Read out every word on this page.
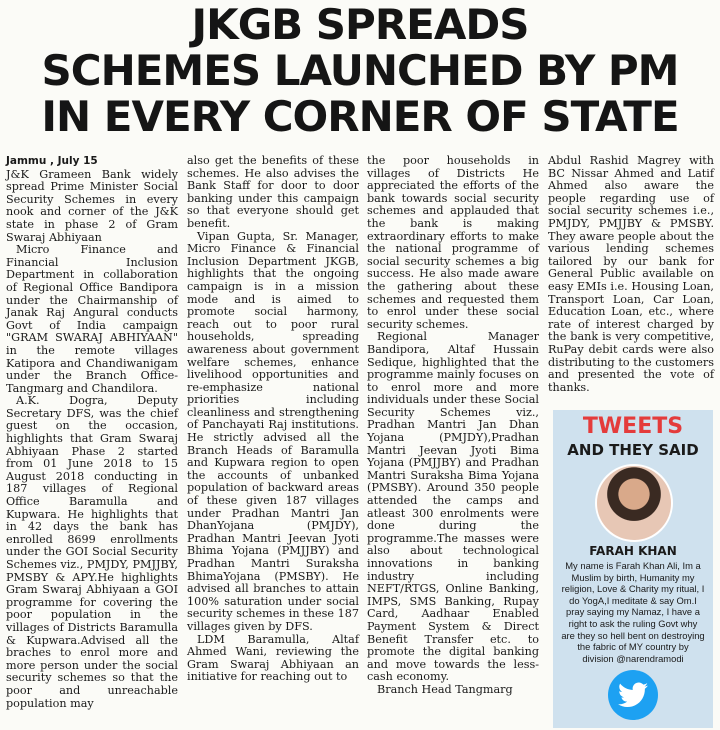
JKGB SPREADS
SCHEMES LAUNCHED BY PM
IN EVERY CORNER OF STATE
Jammu , July 15

J&K Grameen Bank widely spread Prime Minister Social Security Schemes in every nook and corner of the J&K state in phase 2 of Gram Swaraj Abhiyaan

Micro Finance and Financial Inclusion Department in collaboration of Regional Office Bandipora under the Chairmanship of Janak Raj Angural conducts Govt of India campaign "GRAM SWARAJ ABHIYAAN" in the remote villages Katipora and Chandiwanigam under the Branch Office- Tangmarg and Chandilora.

A.K. Dogra, Deputy Secretary DFS, was the chief guest on the occasion, highlights that Gram Swaraj Abhiyaan Phase 2 started from 01 June 2018 to 15 August 2018 conducting in 187 villages of Regional Office Baramulla and Kupwara. He highlights that in 42 days the bank has enrolled 8699 enrollments under the GOI Social Security Schemes viz., PMJDY, PMJJBY, PMSBY & APY.He highlights Gram Swaraj Abhiyaan a GOI programme for covering the poor population in the villages of Districts Baramulla & Kupwara.Advised all the braches to enrol more and more person under the social security schemes so that the poor and unreachable population may

also get the benefits of these schemes. He also advises the Bank Staff for door to door banking under this campaign so that everyone should get benefit.

Vipan Gupta, Sr. Manager, Micro Finance & Financial Inclusion Department JKGB, highlights that the ongoing campaign is in a mission mode and is aimed to promote social harmony, reach out to poor rural households, spreading awareness about government welfare schemes, enhance livelihood opportunities and re-emphasize national priorities including cleanliness and strengthening of Panchayati Raj institutions. He strictly advised all the Branch Heads of Baramulla and Kupwara region to open the accounts of unbanked population of backward areas of these given 187 villages under Pradhan Mantri Jan DhanYojana (PMJDY), Pradhan Mantri Jeevan Jyoti Bhima Yojana (PMJJBY) and Pradhan Mantri Suraksha BhimaYojana (PMSBY). He advised all branches to attain 100% saturation under social security schemes in these 187 villages given by DFS.

LDM Baramulla, Altaf Ahmed Wani, reviewing the Gram Swaraj Abhiyaan an initiative for reaching out to

the poor households in villages of Districts He appreciated the efforts of the bank towards social security schemes and applauded that the bank is making extraordinary efforts to make the national programme of social security schemes a big success. He also made aware the gathering about these schemes and requested them to enrol under these social security schemes.

Regional Manager Bandipora, Altaf Hussain Sedique, highlighted that the programme mainly focuses on to enrol more and more individuals under these Social Security Schemes viz., Pradhan Mantri Jan Dhan Yojana (PMJDY),Pradhan Mantri Jeevan Jyoti Bima Yojana (PMJJBY) and Pradhan Mantri Suraksha Bima Yojana (PMSBY). Around 350 people attended the camps and atleast 300 enrolments were done during the programme.The masses were also about technological innovations in banking industry including NEFT/RTGS, Online Banking, IMPS, SMS Banking, Rupay Card, Aadhaar Enabled Payment System & Direct Benefit Transfer etc. to promote the digital banking and move towards the less-cash economy.

Branch Head Tangmarg

Abdul Rashid Magrey with BC Nissar Ahmed and Latif Ahmed also aware the people regarding use of social security schemes i.e., PMJDY, PMJJBY & PMSBY. They aware people about the various lending schemes tailored by our bank for General Public available on easy EMIs i.e. Housing Loan, Transport Loan, Car Loan, Education Loan, etc., where rate of interest charged by the bank is very competitive, RuPay debit cards were also distributing to the customers and presented the vote of thanks.

TWEETS
AND THEY SAID
FARAH KHAN
My name is Farah Khan Ali, Im a Muslim by birth, Humanity my religion, Love & Charity my ritual, I do YogA,I meditate & say Om.I pray saying my Namaz, I have a right to ask the ruling Govt why are they so hell bent on destroying the fabric of MY country by division @narendramodi
